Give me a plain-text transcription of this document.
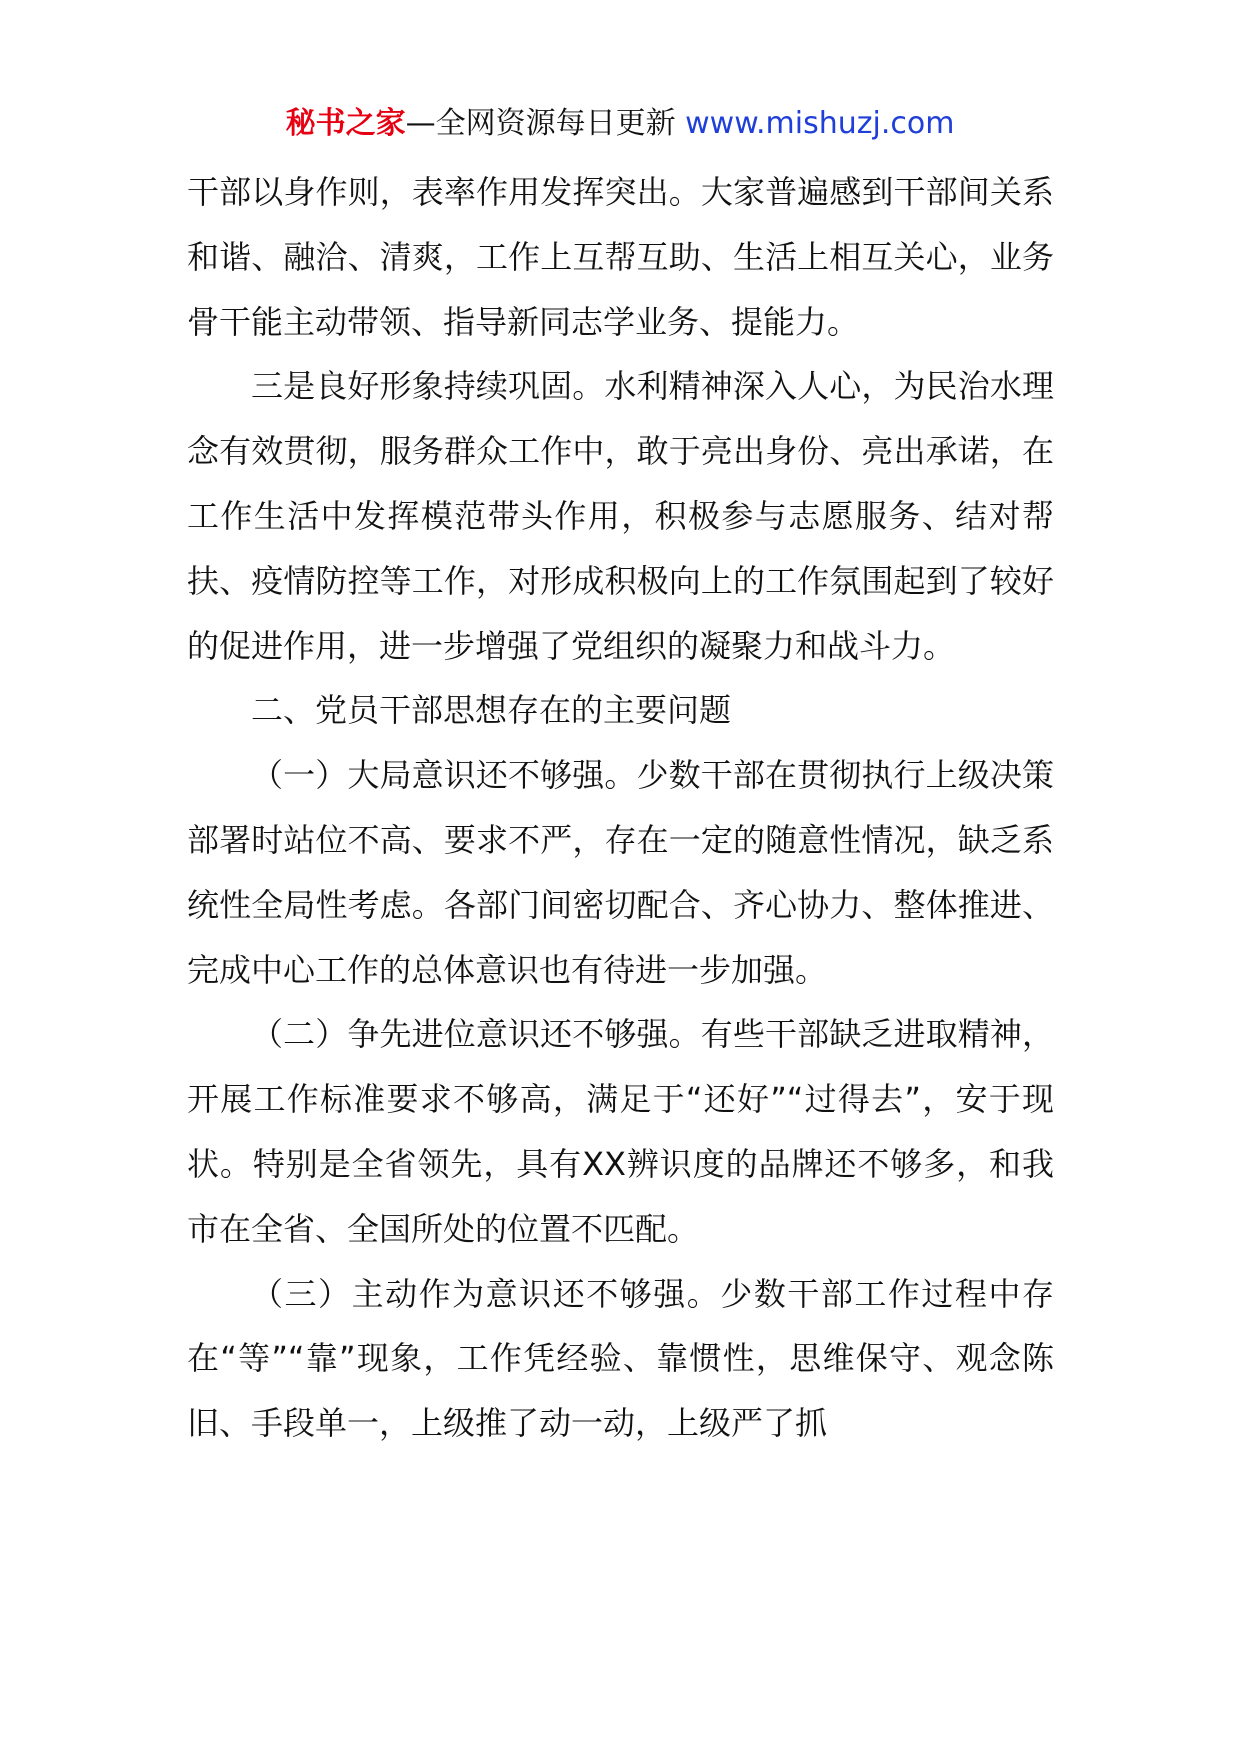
秘书之家—全网资源每日更新 www.mishuzj.com

干部以身作则，表率作用发挥突出。大家普遍感到干部间关系和谐、融洽、清爽，工作上互帮互助、生活上相互关心，业务骨干能主动带领、指导新同志学业务、提能力。

三是良好形象持续巩固。水利精神深入人心，为民治水理念有效贯彻，服务群众工作中，敢于亮出身份、亮出承诺，在工作生活中发挥模范带头作用，积极参与志愿服务、结对帮扶、疫情防控等工作，对形成积极向上的工作氛围起到了较好的促进作用，进一步增强了党组织的凝聚力和战斗力。

二、党员干部思想存在的主要问题

（一）大局意识还不够强。少数干部在贯彻执行上级决策部署时站位不高、要求不严，存在一定的随意性情况，缺乏系统性全局性考虑。各部门间密切配合、齐心协力、整体推进、完成中心工作的总体意识也有待进一步加强。

（二）争先进位意识还不够强。有些干部缺乏进取精神，开展工作标准要求不够高，满足于“还好”“过得去”，安于现状。特别是全省领先，具有XX辨识度的品牌还不够多，和我市在全省、全国所处的位置不匹配。

（三）主动作为意识还不够强。少数干部工作过程中存在“等”“靠”现象，工作凭经验、靠惯性，思维保守、观念陈旧、手段单一，上级推了动一动，上级严了抓
